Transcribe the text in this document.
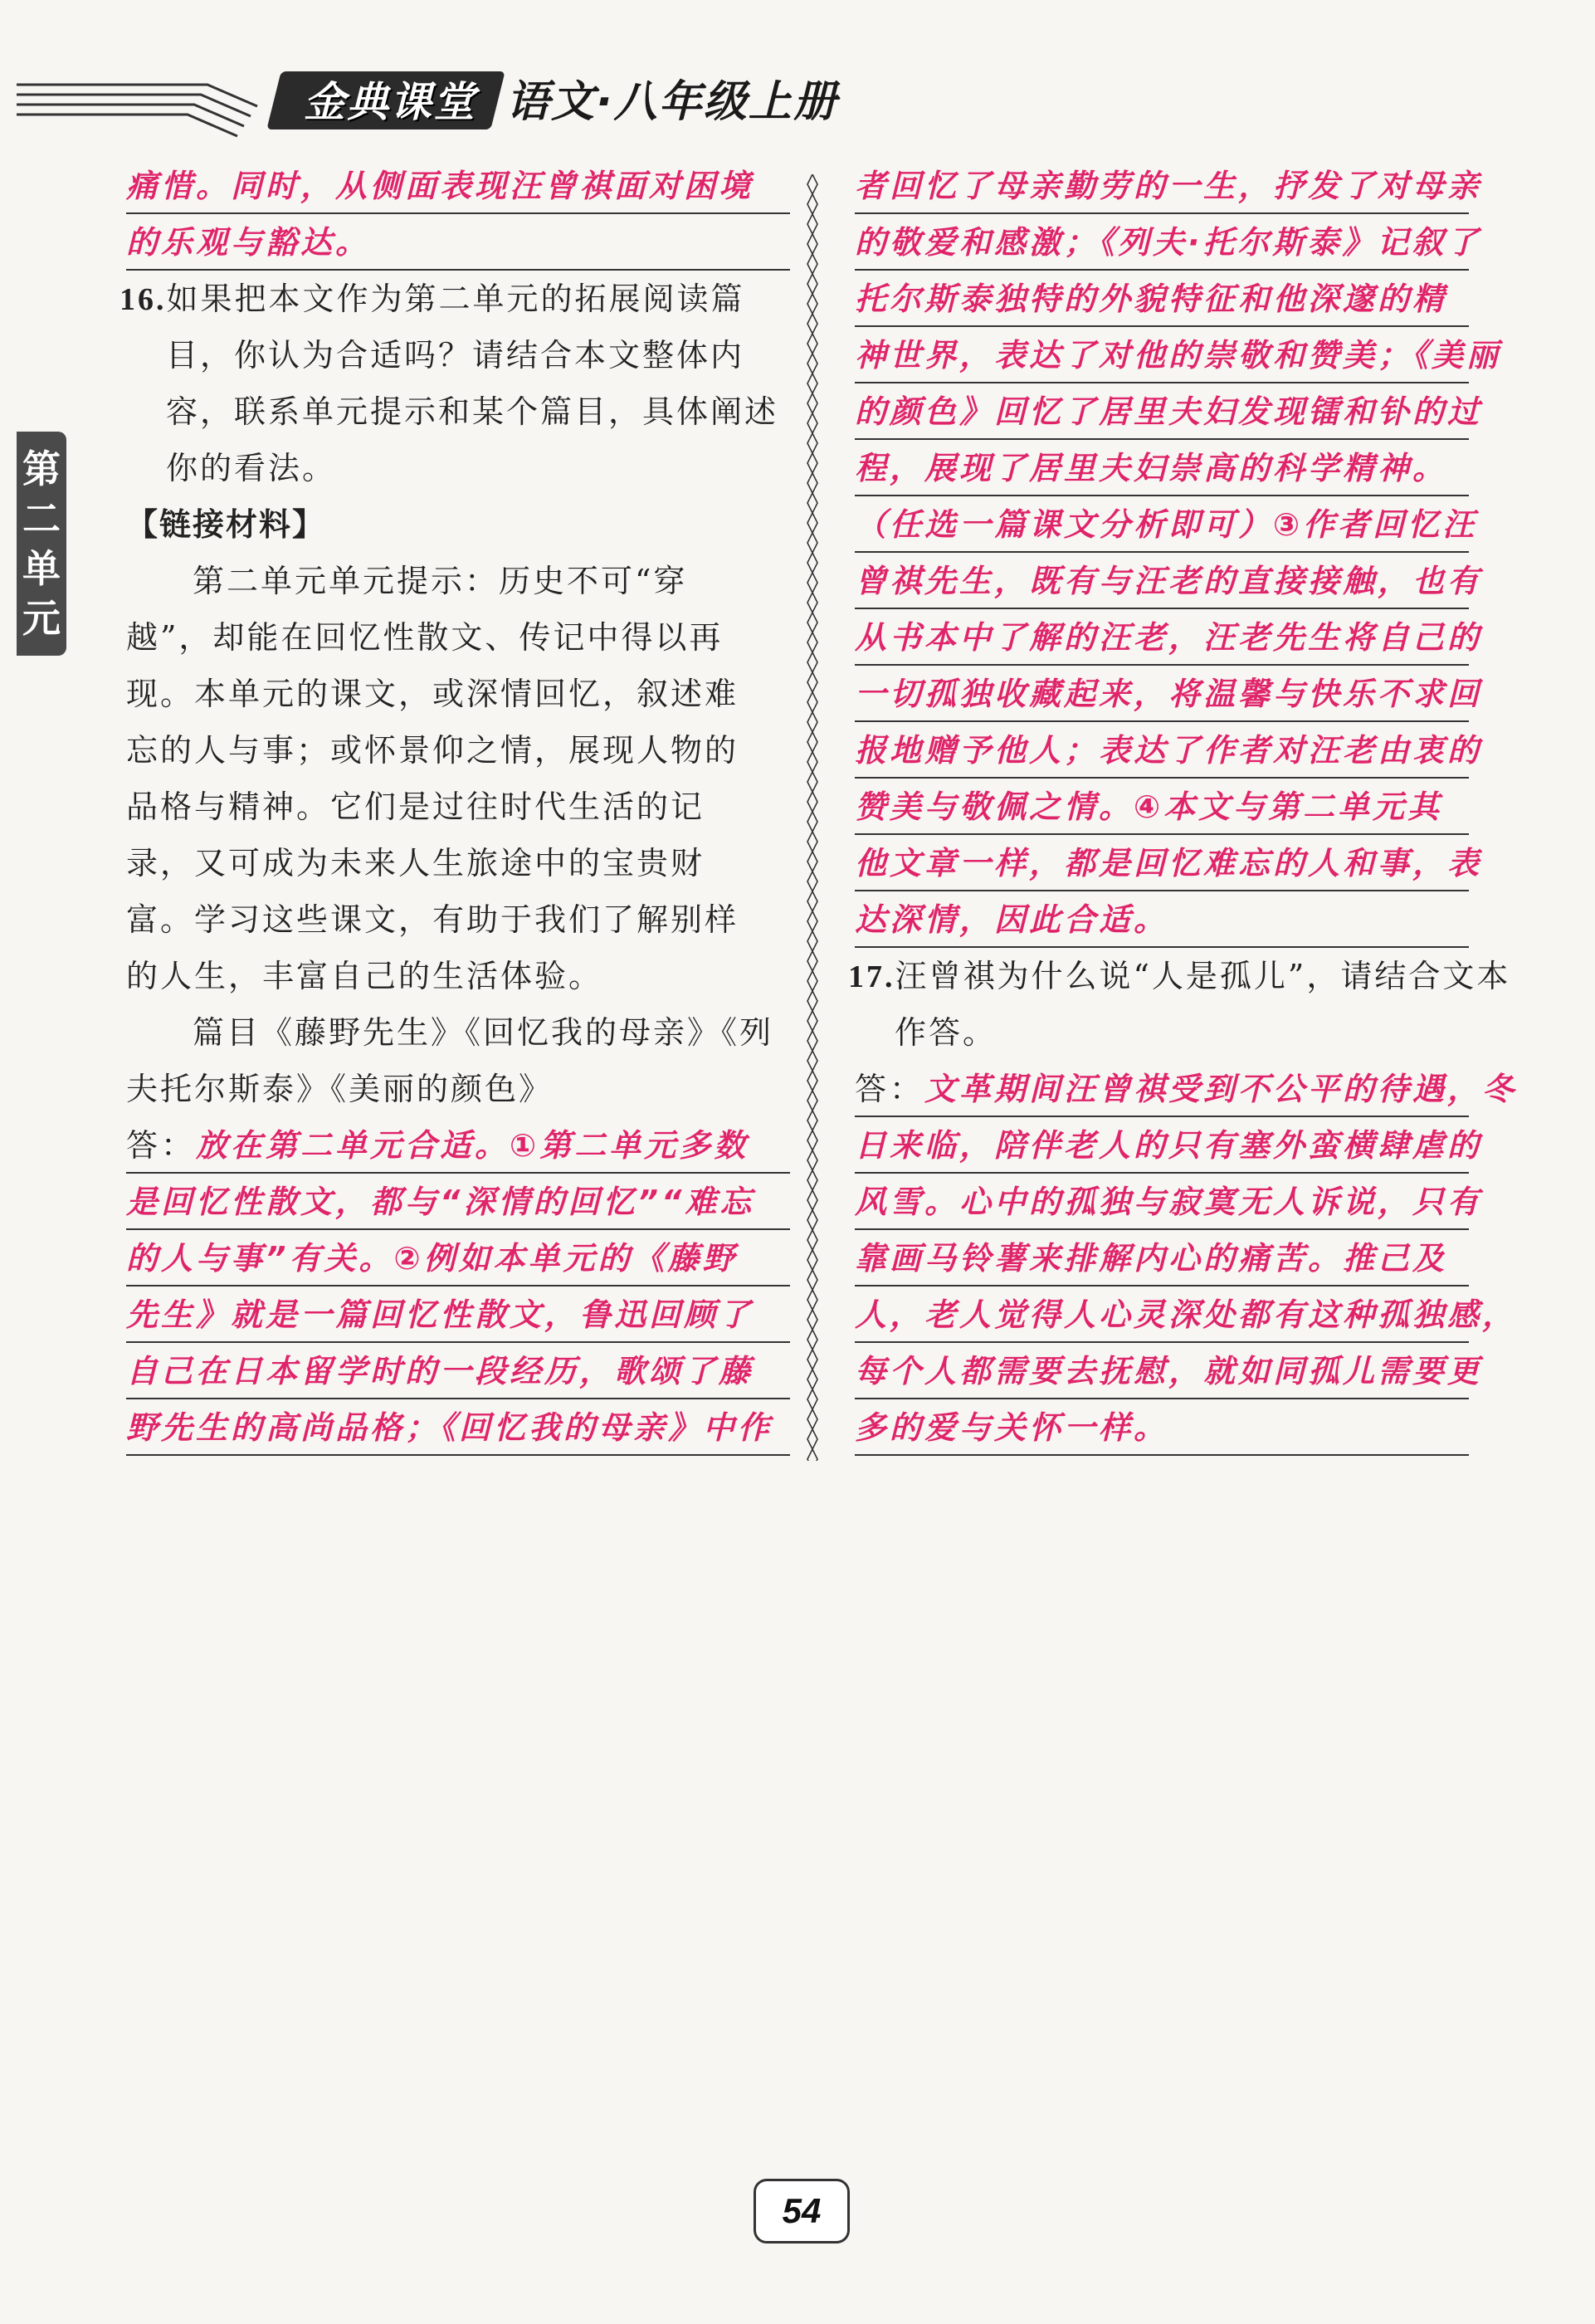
金典课堂 语文·八年级上册
第
二
单
元
痛惜。同时，从侧面表现汪曾祺面对困境
的乐观与豁达。
16.如果把本文作为第二单元的拓展阅读篇
目，你认为合适吗？请结合本文整体内
容，联系单元提示和某个篇目，具体阐述
你的看法。
【链接材料】
第二单元单元提示：历史不可“穿
越”，却能在回忆性散文、传记中得以再
现。本单元的课文，或深情回忆，叙述难
忘的人与事；或怀景仰之情，展现人物的
品格与精神。它们是过往时代生活的记
录，又可成为未来人生旅途中的宝贵财
富。学习这些课文，有助于我们了解别样
的人生，丰富自己的生活体验。
篇目《藤野先生》《回忆我的母亲》《列
夫托尔斯泰》《美丽的颜色》
答：放在第二单元合适。①第二单元多数
是回忆性散文，都与“深情的回忆”“难忘
的人与事”有关。②例如本单元的《藤野
先生》就是一篇回忆性散文，鲁迅回顾了
自己在日本留学时的一段经历，歌颂了藤
野先生的高尚品格；《回忆我的母亲》中作
者回忆了母亲勤劳的一生，抒发了对母亲
的敬爱和感激；《列夫·托尔斯泰》记叙了
托尔斯泰独特的外貌特征和他深邃的精
神世界，表达了对他的崇敬和赞美；《美丽
的颜色》回忆了居里夫妇发现镭和钋的过
程，展现了居里夫妇崇高的科学精神。
（任选一篇课文分析即可）③作者回忆汪
曾祺先生，既有与汪老的直接接触，也有
从书本中了解的汪老，汪老先生将自己的
一切孤独收藏起来，将温馨与快乐不求回
报地赠予他人；表达了作者对汪老由衷的
赞美与敬佩之情。④本文与第二单元其
他文章一样，都是回忆难忘的人和事，表
达深情，因此合适。
17.汪曾祺为什么说“人是孤儿”，请结合文本
作答。
答：文革期间汪曾祺受到不公平的待遇，冬
日来临，陪伴老人的只有塞外蛮横肆虐的
风雪。心中的孤独与寂寞无人诉说，只有
靠画马铃薯来排解内心的痛苦。推己及
人，老人觉得人心灵深处都有这种孤独感，
每个人都需要去抚慰，就如同孤儿需要更
多的爱与关怀一样。
54
